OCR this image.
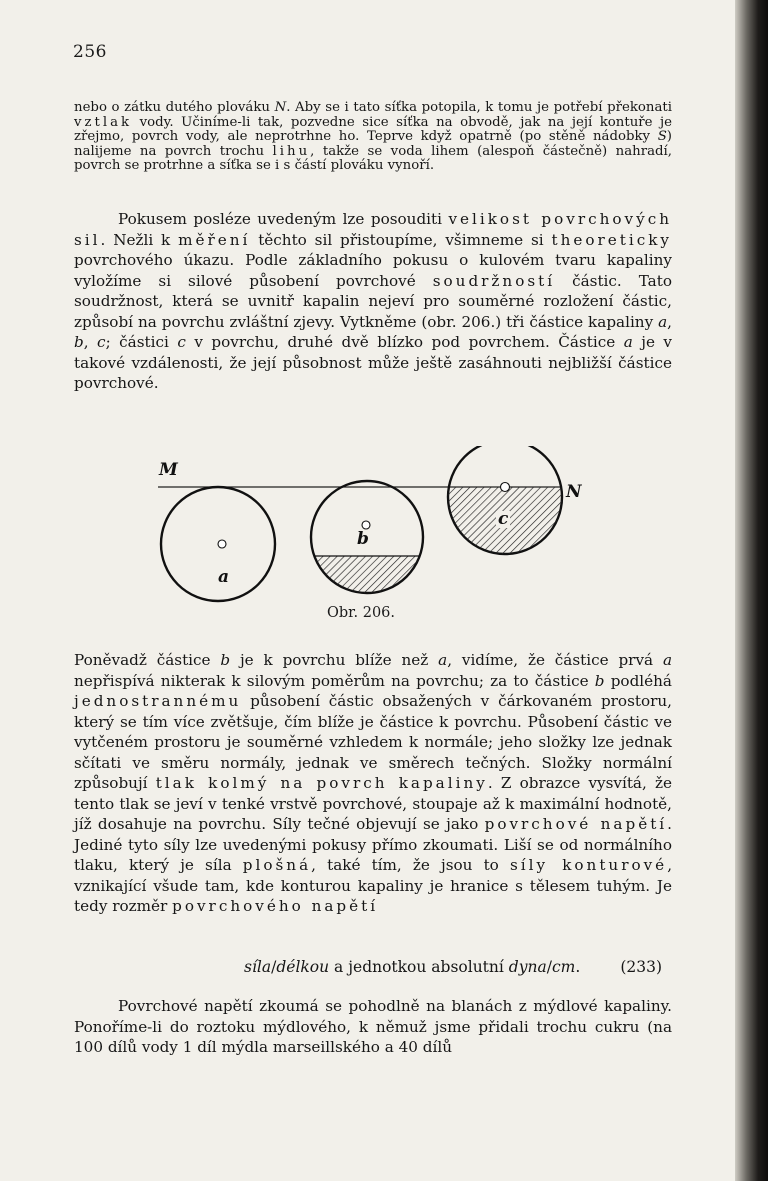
256

nebo o zátku dutého plováku N. Aby se i tato síťka potopila, k tomu je potřebí překonati vztlak vody. Učiníme-li tak, pozvedne sice síťka na obvodě, jak na její kontuře je zřejmo, povrch vody, ale neprotrhne ho. Teprve když opatrně (po stěně nádobky S) nalijeme na povrch trochu lihu, takže se voda lihem (alespoň částečně) nahradí, povrch se protrhne a síťka se i s částí plováku vynoří.

Pokusem posléze uvedeným lze posouditi velikost povrchových sil. Nežli k měření těchto sil přistoupíme, všimneme si theoreticky povrchového úkazu. Podle základního pokusu o kulovém tvaru kapaliny vyložíme si silové působení povrchové soudržností částic. Tato soudržnost, která se uvnitř kapalin nejeví pro souměrné rozložení částic, způsobí na povrchu zvláštní zjevy. Vytkněme (obr. 206.) tři částice kapaliny a, b, c; částici c v povrchu, druhé dvě blízko pod povrchem. Částice a je v takové vzdálenosti, že její působnost může ještě zasáhnouti nejbližší částice povrchové.

M
N
a
b
c
Obr. 206.

Poněvadž částice b je k povrchu blíže než a, vidíme, že částice prvá a nepřispívá nikterak k silovým poměrům na povrchu; za to částice b podléhá jednostrannému působení částic obsažených v čárkovaném prostoru, který se tím více zvětšuje, čím blíže je částice k povrchu. Působení částic ve vytčeném prostoru je souměrné vzhledem k normále; jeho složky lze jednak sčítati ve směru normály, jednak ve směrech tečných. Složky normální způsobují tlak kolmý na povrch kapaliny. Z obrazce vysvítá, že tento tlak se jeví v tenké vrstvě povrchové, stoupaje až k maximální hodnotě, jíž dosahuje na povrchu. Síly tečné objevují se jako povrchové napětí. Jediné tyto síly lze uvedenými pokusy přímo zkoumati. Liší se od normálního tlaku, který je síla plošná, také tím, že jsou to síly konturové, vznikající všude tam, kde konturou kapaliny je hranice s tělesem tuhým. Je tedy rozměr povrchového napětí

síla/délkou a jednotkou absolutní dyna/cm.	(233)

Povrchové napětí zkoumá se pohodlně na blanách z mýdlové kapaliny. Ponoříme-li do roztoku mýdlového, k němuž jsme přidali trochu cukru (na 100 dílů vody 1 díl mýdla marseillského a 40 dílů
